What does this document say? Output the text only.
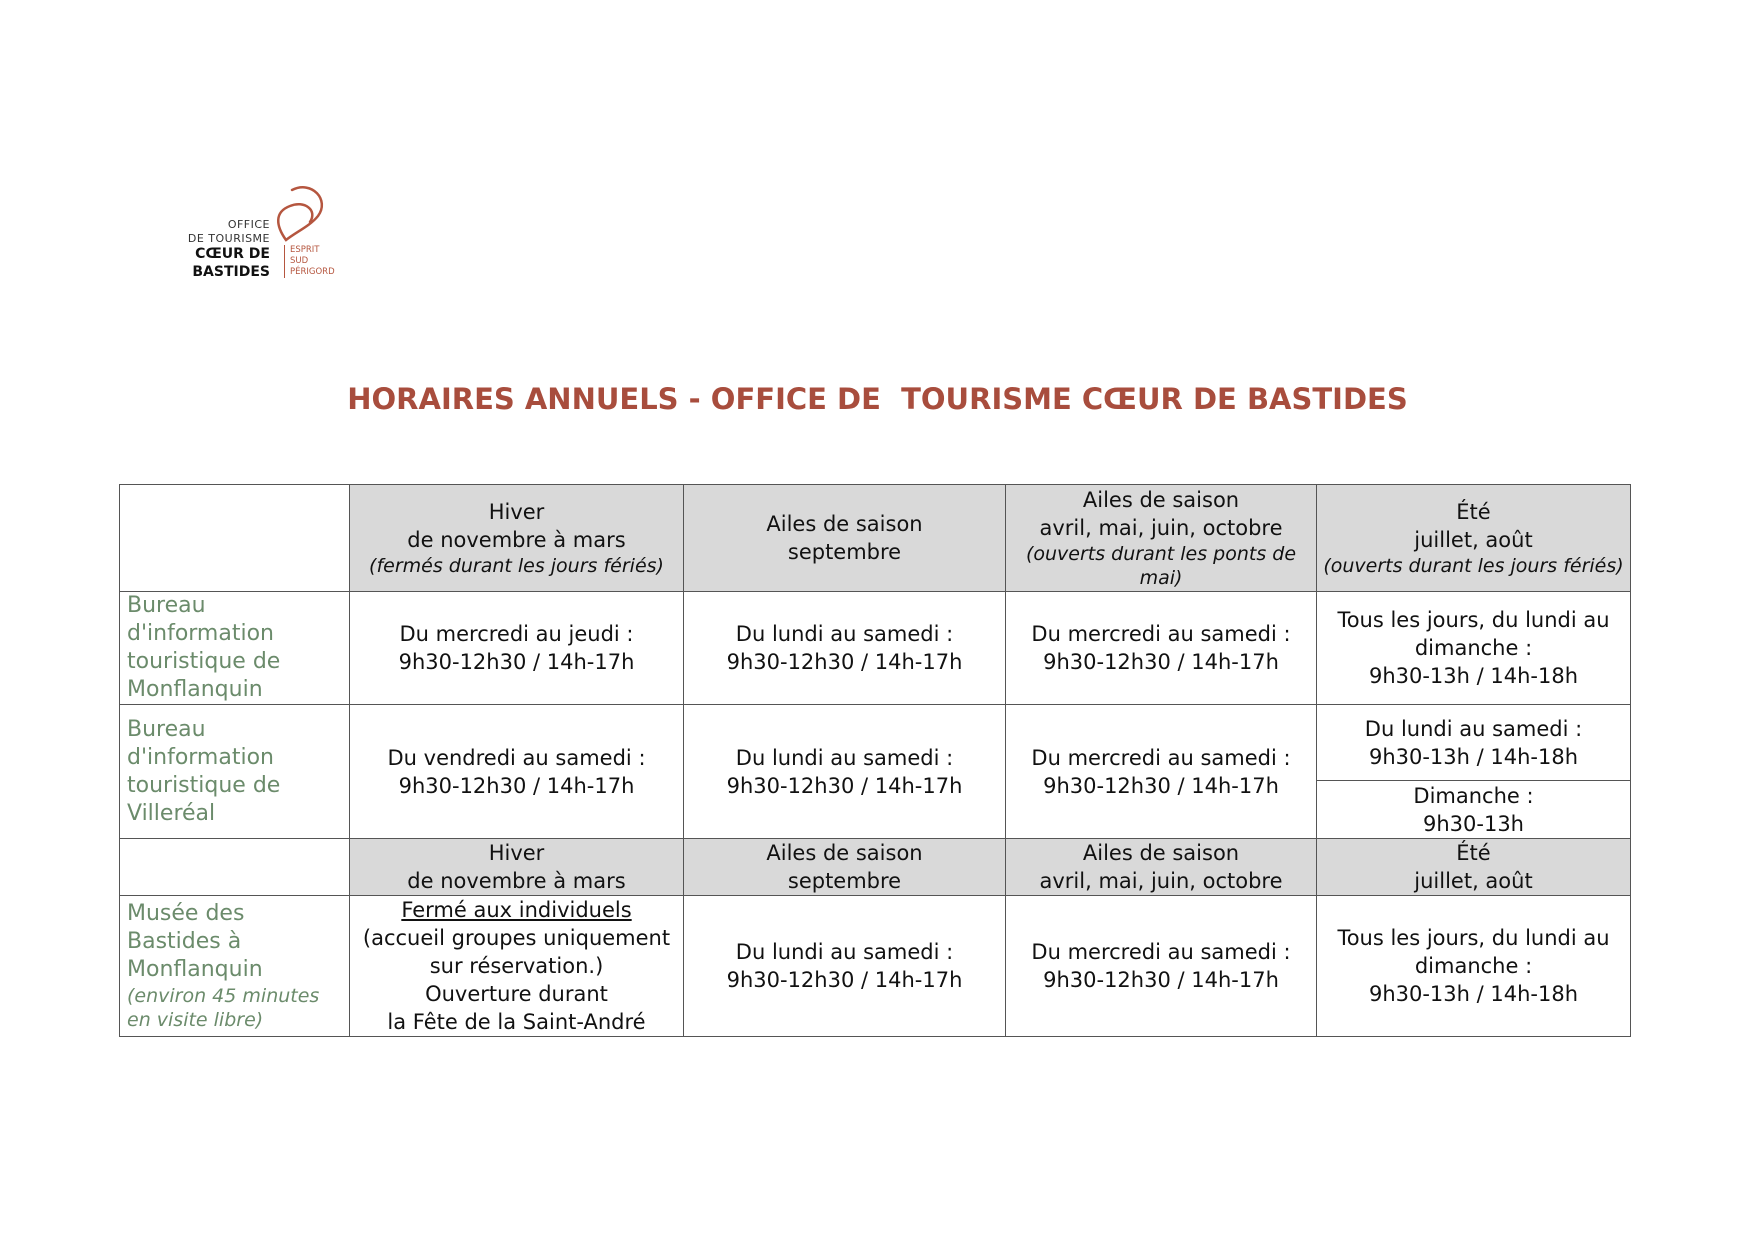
OFFICE
DE TOURISME
CŒUR DE
BASTIDES
ESPRIT
SUD
PÉRIGORD
HORAIRES ANNUELS - OFFICE DE  TOURISME CŒUR DE BASTIDES

	Hiver
de novembre à mars
(fermés durant les jours fériés)	Ailes de saison
septembre	Ailes de saison
avril, mai, juin, octobre
(ouverts durant les ponts de mai)	Été
juillet, août
(ouverts durant les jours fériés)

Bureau d'information touristique de Monflanquin	Du mercredi au jeudi :
9h30-12h30 / 14h-17h	Du lundi au samedi :
9h30-12h30 / 14h-17h	Du mercredi au samedi :
9h30-12h30 / 14h-17h	Tous les jours, du lundi au dimanche :
9h30-13h / 14h-18h

Bureau d'information touristique de Villeréal	Du vendredi au samedi :
9h30-12h30 / 14h-17h	Du lundi au samedi :
9h30-12h30 / 14h-17h	Du mercredi au samedi :
9h30-12h30 / 14h-17h	Du lundi au samedi :
9h30-13h / 14h-18h

				Dimanche :
9h30-13h

	Hiver
de novembre à mars	Ailes de saison
septembre	Ailes de saison
avril, mai, juin, octobre	Été
juillet, août

Musée des Bastides à Monflanquin
(environ 45 minutes en visite libre)	Fermé aux individuels
(accueil groupes uniquement sur réservation.)
Ouverture durant
la Fête de la Saint-André	Du lundi au samedi :
9h30-12h30 / 14h-17h	Du mercredi au samedi :
9h30-12h30 / 14h-17h	Tous les jours, du lundi au dimanche :
9h30-13h / 14h-18h
